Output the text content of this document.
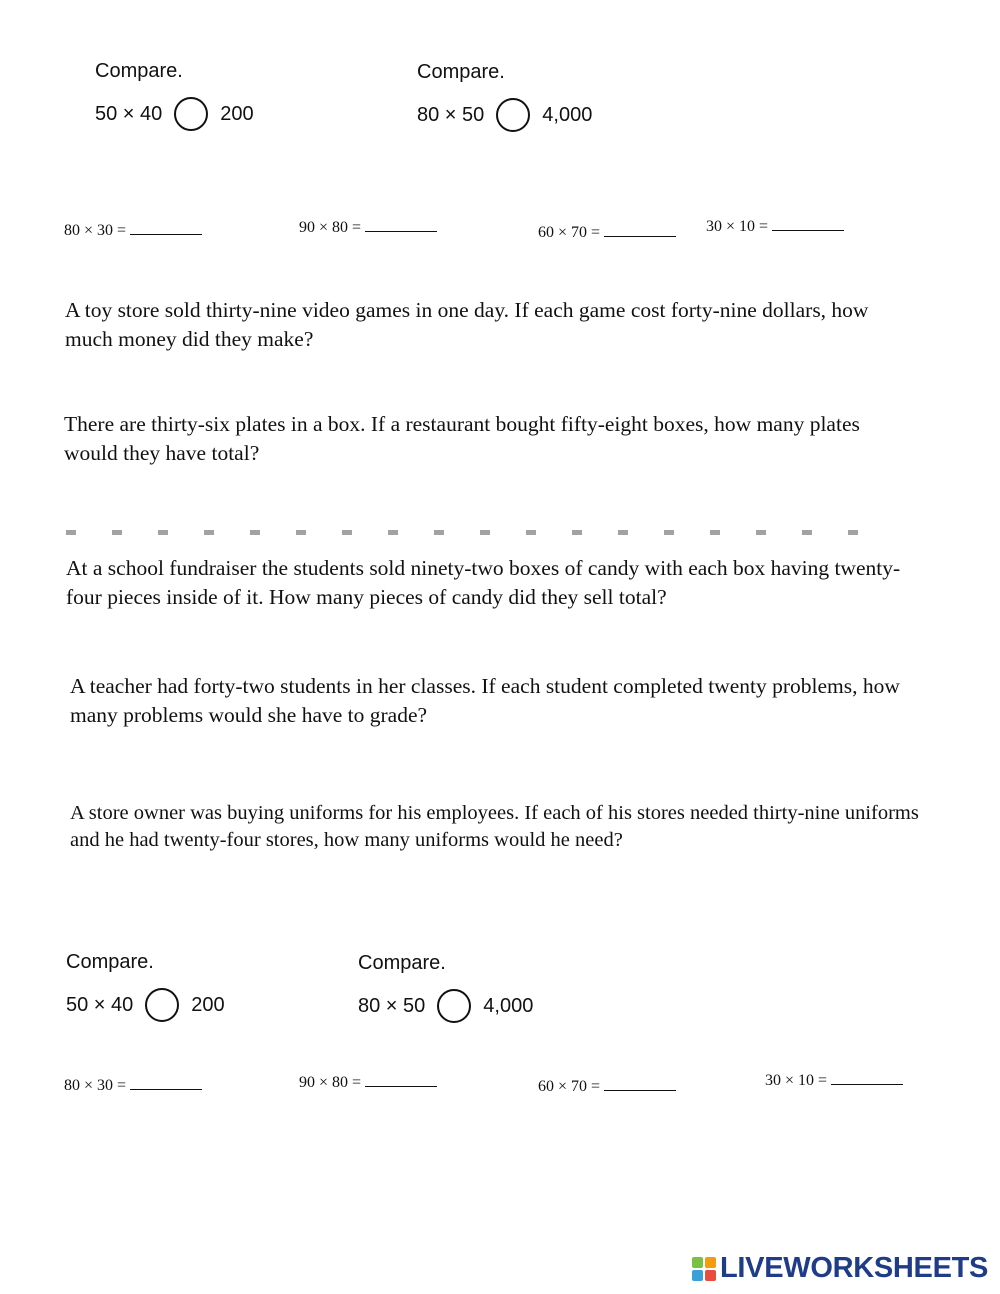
Compare.
50 × 40	200
Compare.
80 × 50	4,000
80 × 30 =	90 × 80 =	60 × 70 =	30 × 10 =
A toy store sold thirty-nine video games in one day. If each game cost forty-nine dollars, how much money did they make?
There are thirty-six plates in a box. If a restaurant bought fifty-eight boxes, how many plates would they have total?
At a school fundraiser the students sold ninety-two boxes of candy with each box having twenty-four pieces inside of it. How many pieces of candy did they sell total?
A teacher had forty-two students in her classes. If each student completed twenty problems, how many problems would she have to grade?
A store owner was buying uniforms for his employees. If each of his stores needed thirty-nine uniforms and he had twenty-four stores, how many uniforms would he need?
Compare.
50 × 40	200
Compare.
80 × 50	4,000
80 × 30 =	90 × 80 =	60 × 70 =	30 × 10 =
LIVEWORKSHEETS
